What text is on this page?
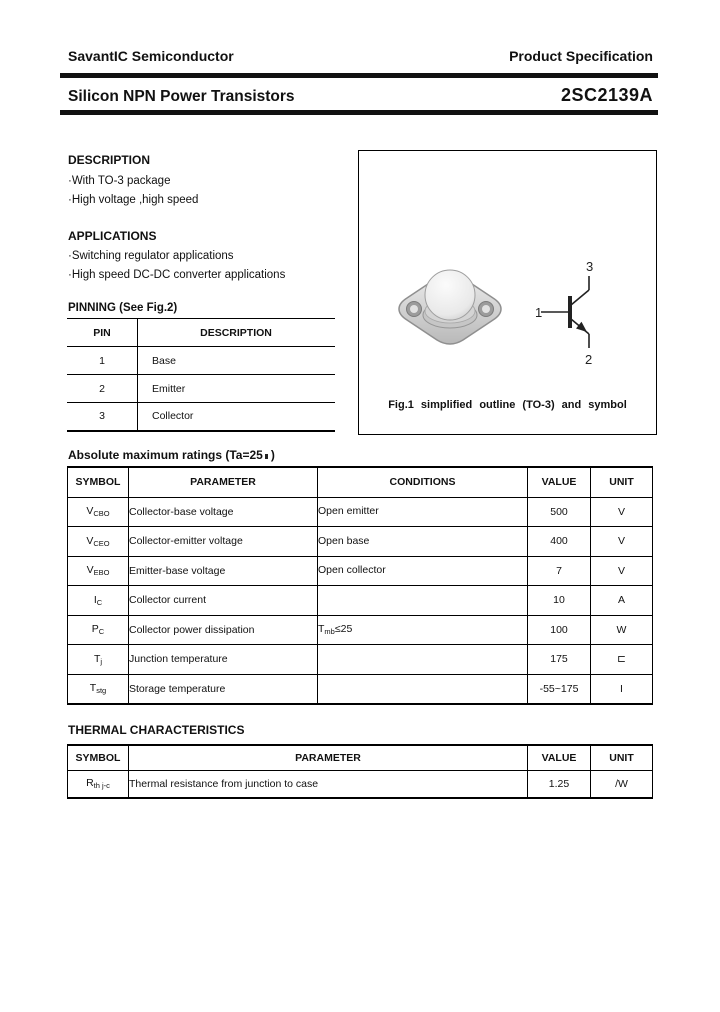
SavantIC Semiconductor	Product Specification
Silicon NPN Power Transistors	2SC2139A
DESCRIPTION
·With TO-3 package
·High voltage ,high speed
APPLICATIONS
·Switching regulator applications
·High speed DC-DC converter applications
PINNING (See Fig.2)
PIN	DESCRIPTION
1	Base
2	Emitter
3	Collector
3
1
2
Fig.1 simplified outline (TO-3) and symbol
Absolute maximum ratings (Ta=25 )
SYMBOL	PARAMETER	CONDITIONS	VALUE	UNIT
$V_{CBO}$	Collector-base voltage	Open emitter	500	V
$V_{CEO}$	Collector-emitter voltage	Open base	400	V
$V_{EBO}$	Emitter-base voltage	Open collector	7	V
$I_C$	Collector current		10	A
$P_C$	Collector power dissipation	$T_{mb}\le 25$	100	W
$T_j$	Junction temperature		175	⊏
$T_{stg}$	Storage temperature		-55~175	I
THERMAL CHARACTERISTICS
SYMBOL	PARAMETER	VALUE	UNIT
$R_{th j-c}$	Thermal resistance from junction to case	1.25	/W
